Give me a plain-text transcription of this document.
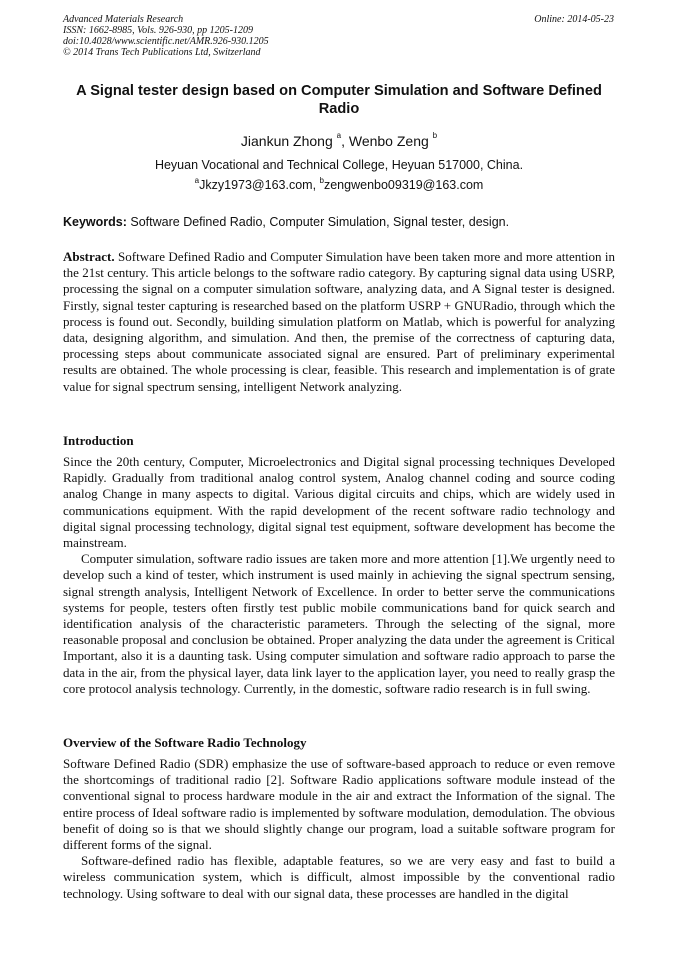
Advanced Materials Research
ISSN: 1662-8985, Vols. 926-930, pp 1205-1209
doi:10.4028/www.scientific.net/AMR.926-930.1205
© 2014 Trans Tech Publications Ltd, Switzerland
Online: 2014-05-23
A Signal tester design based on Computer Simulation and Software Defined Radio
Jiankun Zhong $^a$, Wenbo Zeng $^b$
Heyuan Vocational and Technical College, Heyuan 517000, China.
$^a$Jkzy1973@163.com, $^b$zengwenbo09319@163.com
Keywords: Software Defined Radio, Computer Simulation, Signal tester, design.

Abstract. Software Defined Radio and Computer Simulation have been taken more and more attention in the 21st century. This article belongs to the software radio category. By capturing signal data using USRP, processing the signal on a computer simulation software, analyzing data, and A Signal tester is designed. Firstly, signal tester capturing is researched based on the platform USRP + GNURadio, through which the process is found out. Secondly, building simulation platform on Matlab, which is powerful for analyzing data, designing algorithm, and simulation. And then, the premise of the correctness of capturing data, processing steps about communicate associated signal are ensured. Part of preliminary experimental results are obtained. The whole processing is clear, feasible. This research and implementation is of grate value for signal spectrum sensing, intelligent Network analyzing.

Introduction

Since the 20th century, Computer, Microelectronics and Digital signal processing techniques Developed Rapidly. Gradually from traditional analog control system, Analog channel coding and source coding analog Change in many aspects to digital. Various digital circuits and chips, which are widely used in communications equipment. With the rapid development of the recent software radio technology and digital signal processing technology, digital signal test equipment, software development has become the mainstream.

Computer simulation, software radio issues are taken more and more attention [1].We urgently need to develop such a kind of tester, which instrument is used mainly in achieving the signal spectrum sensing, signal strength analysis, Intelligent Network of Excellence. In order to better serve the communications systems for people, testers often firstly test public mobile communications band for quick search and identification analysis of the characteristic parameters. Through the selecting of the signal, more reasonable proposal and conclusion be obtained. Proper analyzing the data under the agreement is Critical Important, also it is a daunting task. Using computer simulation and software radio approach to parse the data in the air, from the physical layer, data link layer to the application layer, you need to really grasp the core protocol analysis technology. Currently, in the domestic, software radio research is in full swing.

Overview of the Software Radio Technology

Software Defined Radio (SDR) emphasize the use of software-based approach to reduce or even remove the shortcomings of traditional radio [2]. Software Radio applications software module instead of the conventional signal to process hardware module in the air and extract the Information of the signal. The entire process of Ideal software radio is implemented by software modulation, demodulation. The obvious benefit of doing so is that we should slightly change our program, load a suitable software program for different forms of the signal.

Software-defined radio has flexible, adaptable features, so we are very easy and fast to build a wireless communication system, which is difficult, almost impossible by the conventional radio technology. Using software to deal with our signal data, these processes are handled in the digital
